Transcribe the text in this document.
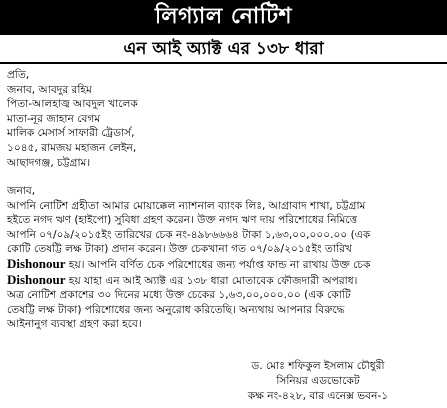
লিগ্যাল নোটিশ
এন আই অ্যাক্ট এর ১৩৮ ধারা
প্রতি,
জনাব, আবদুর রহিম
পিতা-আলহাজ্ব আবদুল খালেক
মাতা-নূর জাহান বেগম
মালিক মেসার্স সাফারী ট্রেডার্স,
১০৪৫, রামজয় মহাজন লেইন,
আছাদগঞ্জ, চট্টগ্রাম।
জনাব,
আপনি নোটিশ গ্রহীতা আমার মোয়াক্কেল ন্যাশনাল ব্যাংক লিঃ, আগ্রাবাদ শাখা, চট্টগ্রাম
হইতে নগদ ঋণ (হাইপো) সুবিধা গ্রহণ করেন। উক্ত নগদ ঋণ দায় পরিশোধের নিমিত্তে
আপনি ০৭/০৯/২০১৫ইং তারিখের চেক নং-৪৯৮৬৬৬৪ টাকা ১,৬৩,০০,০০০.০০ (এক
কোটি তেষট্টি লক্ষ টাকা) প্রদান করেন। উক্ত চেকখানা গত ০৭/০৯/২০১৫ইং তারিখ
Dishonour হয়। আপনি বর্ণিত চেক পরিশোধের জন্য পর্যাপ্ত ফান্ড না রাখায় উক্ত চেক
Dishonour হয় যাহা এন আই অ্যাক্ট এর ১৩৮ ধারা মোতাবেক ফৌজদারী অপরাধ।
অত্র নোটিশ প্রকাশের ৩০ দিনের মধ্যে উক্ত চেকের ১,৬৩,০০,০০০.০০ (এক কোটি
তেষট্টি লক্ষ টাকা) পরিশোধের জন্য অনুরোধ করিতেছি। অন্যথায় আপনার বিরুদ্ধে
আইনানুগ ব্যবস্থা গ্রহণ করা হবে।
ড. মোঃ শফিকুল ইসলাম চৌধুরী
সিনিয়র এডভোকেট
কক্ষ নং-৪২৮, বার এনেক্স ভবন-১
